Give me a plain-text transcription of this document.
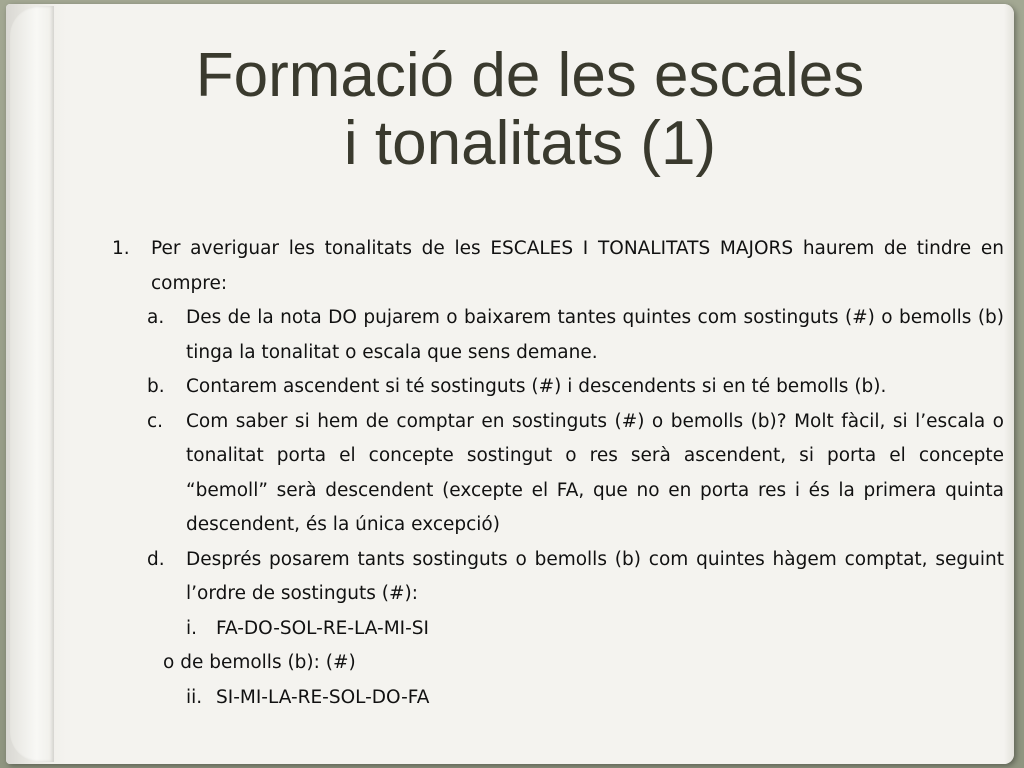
Formació de les escales
i tonalitats (1)
1. Per averiguar les tonalitats de les ESCALES I TONALITATS MAJORS haurem de tindre en compre:
a. Des de la nota DO pujarem o baixarem tantes quintes com sostinguts (#) o bemolls (b) tinga la tonalitat o escala que sens demane.
b. Contarem ascendent si té sostinguts (#) i descendents si en té bemolls (b).
c. Com saber si hem de comptar en sostinguts (#) o bemolls (b)? Molt fàcil, si l’escala o tonalitat porta el concepte sostingut o res serà ascendent, si porta el concepte “bemoll” serà descendent (excepte el FA, que no en porta res i és la primera quinta descendent, és la única excepció)
d. Després posarem tants sostinguts o bemolls (b) com quintes hàgem comptat, seguint l’ordre de sostinguts (#):
i. FA-DO-SOL-RE-LA-MI-SI
o de bemolls (b): (#)
ii. SI-MI-LA-RE-SOL-DO-FA
